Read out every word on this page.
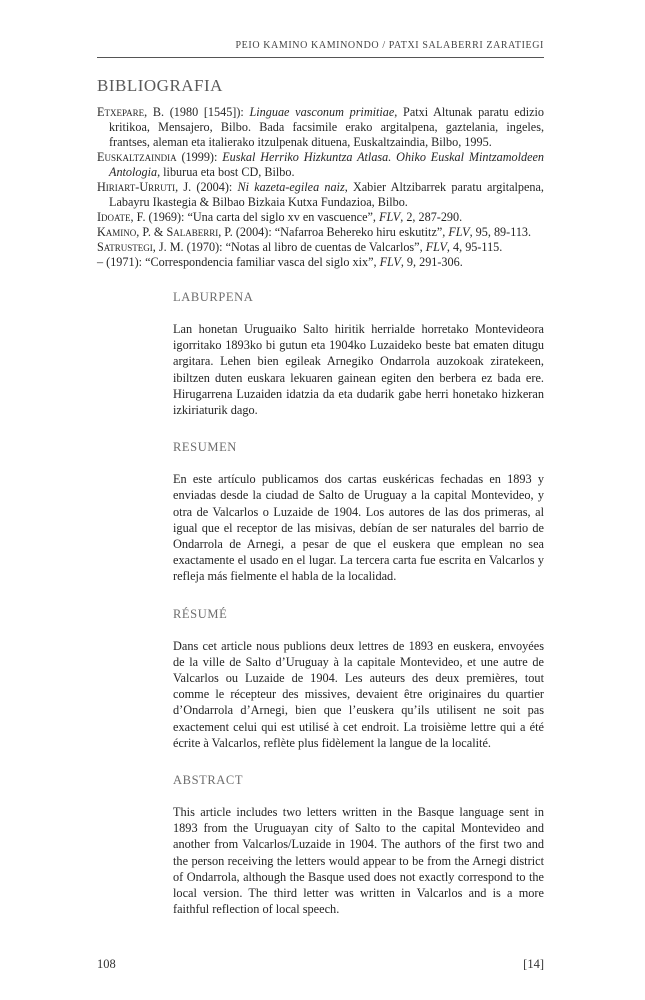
PEIO KAMINO KAMINONDO / PATXI SALABERRI ZARATIEGI
BIBLIOGRAFIA

Etxepare, B. (1980 [1545]): Linguae vasconum primitiae, Patxi Altunak paratu edizio kritikoa, Mensajero, Bilbo. Bada facsimile erako argitalpena, gaztelania, ingeles, frantses, aleman eta italierako itzulpenak dituena, Euskaltzaindia, Bilbo, 1995.

Euskaltzaindia (1999): Euskal Herriko Hizkuntza Atlasa. Ohiko Euskal Mintzamoldeen Antologia, liburua eta bost CD, Bilbo.

Hiriart-Urruti, J. (2004): Ni kazeta-egilea naiz, Xabier Altzibarrek paratu argitalpena, Labayru Ikastegia & Bilbao Bizkaia Kutxa Fundazioa, Bilbo.

Idoate, F. (1969): “Una carta del siglo xv en vascuence”, FLV, 2, 287-290.

Kamino, P. & Salaberri, P. (2004): “Nafarroa Behereko hiru eskutitz”, FLV, 95, 89-113.

Satrustegi, J. M. (1970): “Notas al libro de cuentas de Valcarlos”, FLV, 4, 95-115.

– (1971): “Correspondencia familiar vasca del siglo xix”, FLV, 9, 291-306.

LABURPENA

Lan honetan Uruguaiko Salto hiritik herrialde horretako Montevideora igorritako 1893ko bi gutun eta 1904ko Luzaideko beste bat ematen ditugu argitara. Lehen bien egileak Arnegiko Ondarrola auzokoak ziratekeen, ibiltzen duten euskara lekuaren gainean egiten den berbera ez bada ere. Hirugarrena Luzaiden idatzia da eta dudarik gabe herri honetako hizkeran izkiriaturik dago.

RESUMEN

En este artículo publicamos dos cartas euskéricas fechadas en 1893 y enviadas desde la ciudad de Salto de Uruguay a la capital Montevideo, y otra de Valcarlos o Luzaide de 1904. Los autores de las dos primeras, al igual que el receptor de las misivas, debían de ser naturales del barrio de Ondarrola de Arnegi, a pesar de que el euskera que emplean no sea exactamente el usado en el lugar. La tercera carta fue escrita en Valcarlos y refleja más fielmente el habla de la localidad.

RÉSUMÉ

Dans cet article nous publions deux lettres de 1893 en euskera, envoyées de la ville de Salto d’Uruguay à la capitale Montevideo, et une autre de Valcarlos ou Luzaide de 1904. Les auteurs des deux premières, tout comme le récepteur des missives, devaient être originaires du quartier d’Ondarrola d’Arnegi, bien que l’euskera qu’ils utilisent ne soit pas exactement celui qui est utilisé à cet endroit. La troisième lettre qui a été écrite à Valcarlos, reflète plus fidèlement la langue de la localité.

ABSTRACT

This article includes two letters written in the Basque language sent in 1893 from the Uruguayan city of Salto to the capital Montevideo and another from Valcarlos/Luzaide in 1904. The authors of the first two and the person receiving the letters would appear to be from the Arnegi district of Ondarrola, although the Basque used does not exactly correspond to the local version. The third letter was written in Valcarlos and is a more faithful reflection of local speech.

108	[14]
